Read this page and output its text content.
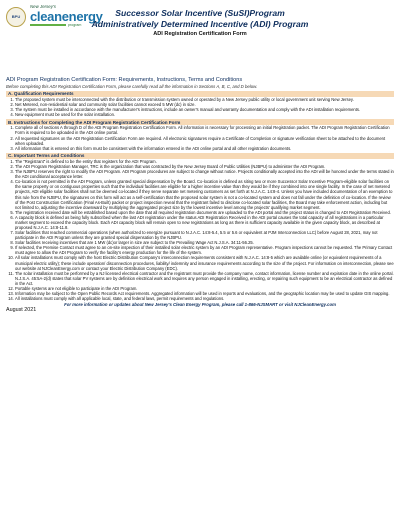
BPU
New Jersey's
cleanenergy
program
Successor Solar Incentive (SuSI)Program
Administratively Determined Incentive (ADI) Program
ADI Registration Certification Form
ADI Program Registration Certification Form: Requirements, Instructions, Terms and Conditions
Before completing this ADI Registration Certification Form, please carefully read all the information in Sections A, B, C, and D below.
A. Qualification Requirements
1. The proposed system must be interconnected with the distribution or transmission system owned or operated by a New Jersey public utility or local government unit serving New Jersey.
2. Net Metered, non-residential solar and community solar facilities cannot exceed 5 MW (dc) in size.
3. The system must be installed in accordance with the manufacturer's instructions, include an owner's manual and warranty documentation and comply with the ADI installation requirements.
4. New equipment must be used for the solar installation.
B. Instructions for Completing the ADI Program Registration Certification Form
1. Complete all of sections A through D of the ADI Program Registration Certification Form. All information is necessary for processing an initial Registration packet. The ADI Program Registration Certification Form is required to be uploaded in the ADI online portal.
2. All requested signatures on the ADI Registration Certification Form are required. All electronic signatures require a Certificate of Completion or signature verification sheet to be attached to the document when uploaded.
3. All information that is entered on this form must be consistent with the information entered in the ADI online portal and all other registration documents.
C. Important Terms and Conditions
1. The "Registrant" is defined to be the entity that registers for the ADI Program.
2. The ADI Program Registration Manager, TRC is the organization that was contracted by the New Jersey Board of Public Utilities (NJBPU) to administer the ADI Program.
3. The NJBPU reserves the right to modify the ADI Program. ADI Program procedures are subject to change without notice. Projects conditionally accepted into the ADI will be honored under the terms stated in the ADI conditional acceptance letter.
4. Co-location is not permitted in the ADI Program, unless granted special dispensation by the Board. Co-location is defined as siting two or more Successor Solar Incentive Program-eligible solar facilities on the same property or on contiguous properties such that the individual facilities are eligible for a higher incentive value than they would be if they combined into one single facility. In the case of net metered projects, ADI eligible solar facilities shall not be deemed co-located if they serve separate net metering customers as set forth at N.J.A.C. 14:8-4. Unless you have included documentation of an exemption to this rule from the NJBPU, the signatures on this form will act as a self-certification that the proposed solar system is not a co-located system and does not fall under the definition of co-location. If the review of the Post Construction Certification (Final As-Built) packet or project inspection reveal that the registrant failed to disclose co-located solar facilities, the Board may take enforcement action, including but not limited to, adjusting the incentive downward by multiplying the aggregated project size by the lowest incentive level among the projects' qualifying market segment.
5. The registration received date will be established based upon the date that all required registration documents are uploaded to the ADI portal and the project status is changed to ADI Registration Received.
6. A capacity block is defined as being fully subscribed when the last ADI registration under the status ADI Registration Received in the ADI portal causes the total capacity of all registrations in a particular market segment to exceed the capacity block. Each ADI capacity block will remain open to new registrations as long as there is sufficient capacity available in the given capacity block, as described at proposed N.J.A.C. 14:8-11.8.
7. Solar facilities that reached commercial operations (when authorized to energize pursuant to N.J.A.C. 14:8-5.4, 5.5 or 5.6 or equivalent at PJM Interconnection LLC) before August 28, 2021, may not participate in the ADI Program unless they are granted special dispensation by the NJBPU.
8. Solar facilities receiving incentives that are 1 MW (dc)or larger in size are subject to the Prevailing Wage Act N.J.S.A. 34:11-56.25.
9. If selected, the Premise Contact must agree to an on-site inspection of their installed solar electric system by an ADI Program representative. Program inspections cannot be requested. The Primary Contact must agree to allow the ADI Program to verify the facility's energy production for the life of the system.
10. All solar installations must comply with the host Electric Distribution Company's interconnection requirements consistent with N.J.A.C. 14:8-5 which are available online (or equivalent requirements of a municipal electric utility); these include operation/ disconnection procedures, liability/ indemnity and insurance requirements according to the size of the project. For information on interconnection, please see our website at NJCleanEnergy.com or contact your Electric Distribution Company (EDC).
11. The solar installation must be performed by a NJ licensed electrical contractor and the registrant must provide the company name, contact information, license number and expiration date in the online portal. N.J.S.A. 45:5A-2(d) states that solar PV systems are by definition electrical work and requires any person engaged in installing, erecting, or repairing such equipment to be an electrical contractor as defined in the Act.
12. Portable systems are not eligible to participate in the ADI Program.
13. Information may be subject to the Open Public Records Act requirements. Aggregated information will be used in reports and evaluations, and the geographic location may be used to update GIS mapping.
14. All installations must comply with all applicable local, state, and federal laws, permit requirements and regulations.
For more information or updates about New Jersey's Clean Energy Program, please call 1-866-NJSMART or visit NJCleanEnergy.com
August 2021
